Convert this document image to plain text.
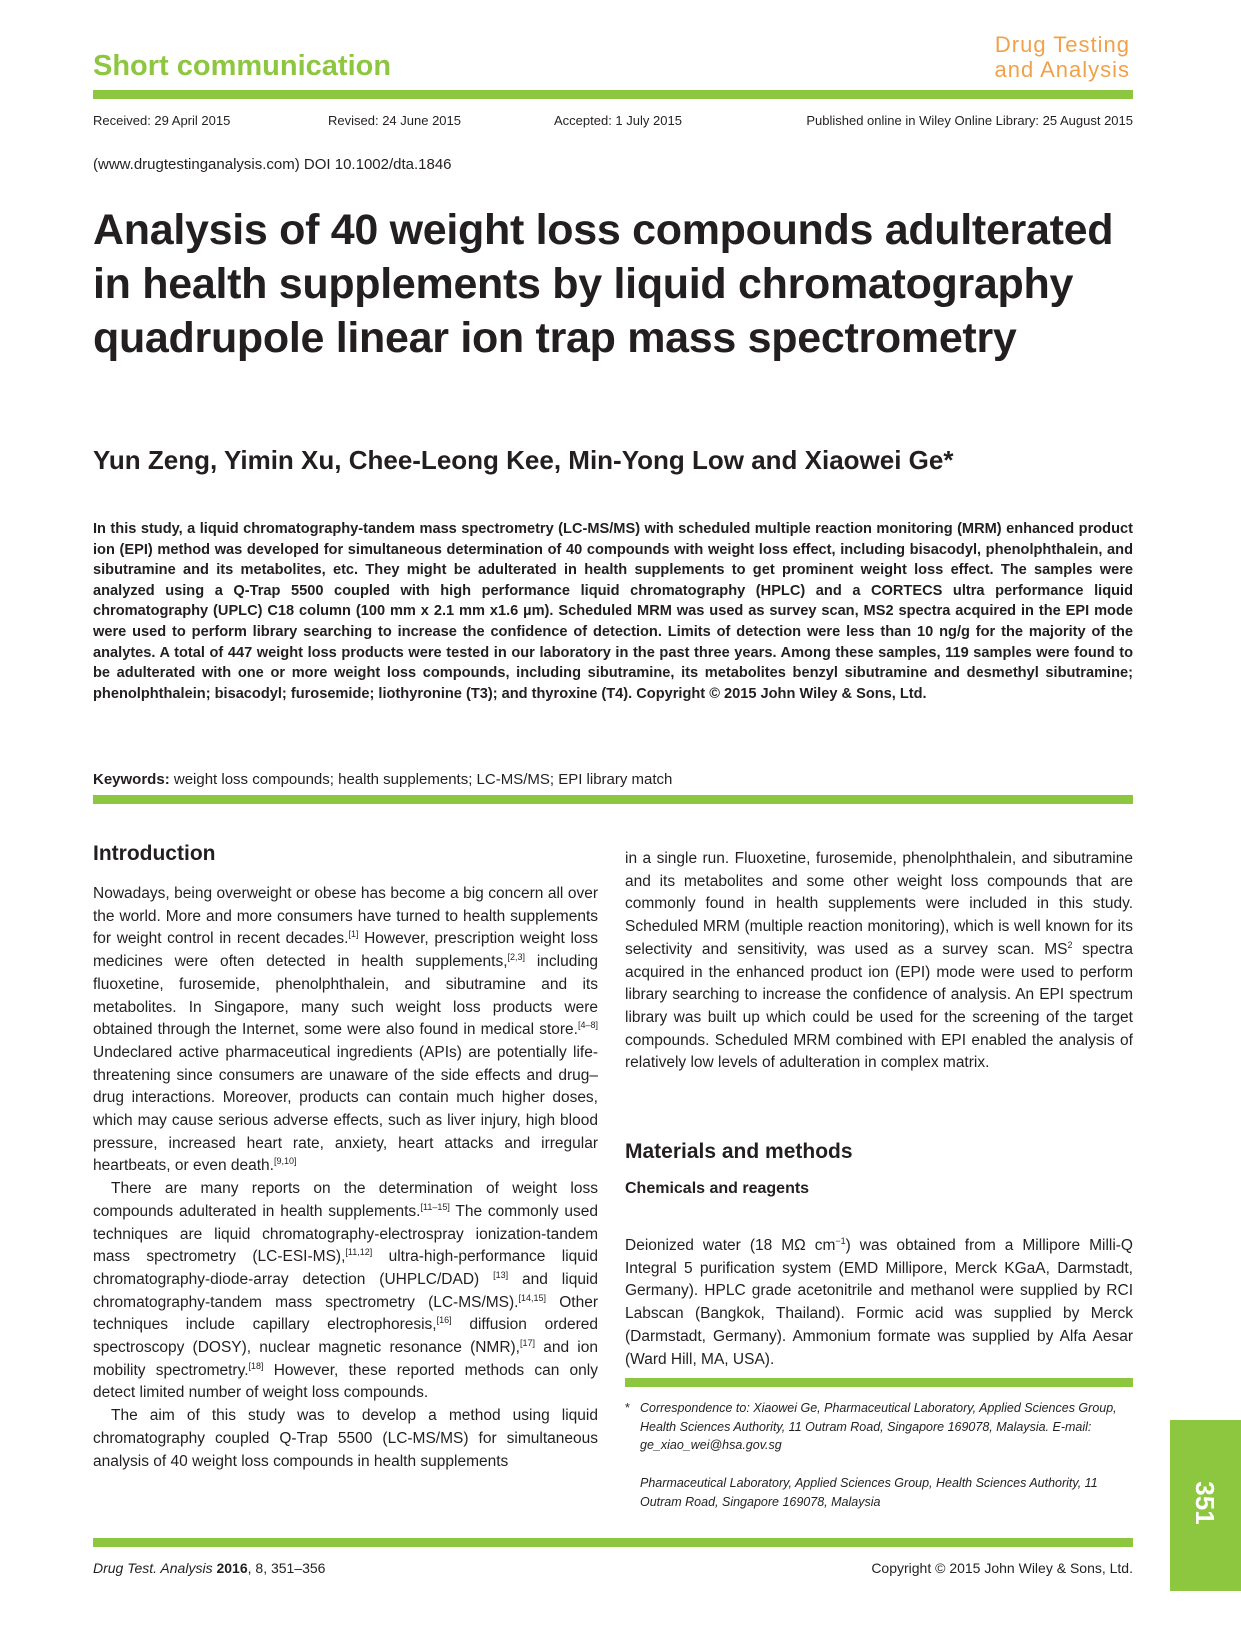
Short communication
Drug Testing
and Analysis
Received: 29 April 2015	Revised: 24 June 2015	Accepted: 1 July 2015	Published online in Wiley Online Library: 25 August 2015
(www.drugtestinganalysis.com) DOI 10.1002/dta.1846
Analysis of 40 weight loss compounds adulterated in health supplements by liquid chromatography quadrupole linear ion trap mass spectrometry
Yun Zeng, Yimin Xu, Chee-Leong Kee, Min-Yong Low and Xiaowei Ge*
In this study, a liquid chromatography-tandem mass spectrometry (LC-MS/MS) with scheduled multiple reaction monitoring (MRM) enhanced product ion (EPI) method was developed for simultaneous determination of 40 compounds with weight loss effect, including bisacodyl, phenolphthalein, and sibutramine and its metabolites, etc. They might be adulterated in health supplements to get prominent weight loss effect. The samples were analyzed using a Q-Trap 5500 coupled with high performance liquid chromatography (HPLC) and a CORTECS ultra performance liquid chromatography (UPLC) C18 column (100 mm x 2.1 mm x1.6 µm). Scheduled MRM was used as survey scan, MS2 spectra acquired in the EPI mode were used to perform library searching to increase the confidence of detection. Limits of detection were less than 10 ng/g for the majority of the analytes. A total of 447 weight loss products were tested in our laboratory in the past three years. Among these samples, 119 samples were found to be adulterated with one or more weight loss compounds, including sibutramine, its metabolites benzyl sibutramine and desmethyl sibutramine; phenolphthalein; bisacodyl; furosemide; liothyronine (T3); and thyroxine (T4). Copyright © 2015 John Wiley & Sons, Ltd.
Keywords: weight loss compounds; health supplements; LC-MS/MS; EPI library match
Introduction

Nowadays, being overweight or obese has become a big concern all over the world. More and more consumers have turned to health supplements for weight control in recent decades.[1] However, prescription weight loss medicines were often detected in health supplements,[2,3] including fluoxetine, furosemide, phenolphthalein, and sibutramine and its metabolites. In Singapore, many such weight loss products were obtained through the Internet, some were also found in medical store.[4–8] Undeclared active pharmaceutical ingredients (APIs) are potentially life-threatening since consumers are unaware of the side effects and drug–drug interactions. Moreover, products can contain much higher doses, which may cause serious adverse effects, such as liver injury, high blood pressure, increased heart rate, anxiety, heart attacks and irregular heartbeats, or even death.[9,10]

There are many reports on the determination of weight loss compounds adulterated in health supplements.[11–15] The commonly used techniques are liquid chromatography-electrospray ionization-tandem mass spectrometry (LC-ESI-MS),[11,12] ultra-high-performance liquid chromatography-diode-array detection (UHPLC/DAD) [13] and liquid chromatography-tandem mass spectrometry (LC-MS/MS).[14,15] Other techniques include capillary electrophoresis,[16] diffusion ordered spectroscopy (DOSY), nuclear magnetic resonance (NMR),[17] and ion mobility spectrometry.[18] However, these reported methods can only detect limited number of weight loss compounds.

The aim of this study was to develop a method using liquid chromatography coupled Q-Trap 5500 (LC-MS/MS) for simultaneous analysis of 40 weight loss compounds in health supplements

in a single run. Fluoxetine, furosemide, phenolphthalein, and sibutramine and its metabolites and some other weight loss compounds that are commonly found in health supplements were included in this study. Scheduled MRM (multiple reaction monitoring), which is well known for its selectivity and sensitivity, was used as a survey scan. $MS^2$ spectra acquired in the enhanced product ion (EPI) mode were used to perform library searching to increase the confidence of analysis. An EPI spectrum library was built up which could be used for the screening of the target compounds. Scheduled MRM combined with EPI enabled the analysis of relatively low levels of adulteration in complex matrix.

Materials and methods
Chemicals and reagents

Deionized water (18 MΩ $cm^{-1}$) was obtained from a Millipore Milli-Q Integral 5 purification system (EMD Millipore, Merck KGaA, Darmstadt, Germany). HPLC grade acetonitrile and methanol were supplied by RCI Labscan (Bangkok, Thailand). Formic acid was supplied by Merck (Darmstadt, Germany). Ammonium formate was supplied by Alfa Aesar (Ward Hill, MA, USA).

* Correspondence to: Xiaowei Ge, Pharmaceutical Laboratory, Applied Sciences Group, Health Sciences Authority, 11 Outram Road, Singapore 169078, Malaysia. E-mail: ge_xiao_wei@hsa.gov.sg
Pharmaceutical Laboratory, Applied Sciences Group, Health Sciences Authority, 11 Outram Road, Singapore 169078, Malaysia
Drug Test. Analysis 2016, 8, 351–356	Copyright © 2015 John Wiley & Sons, Ltd.
351
